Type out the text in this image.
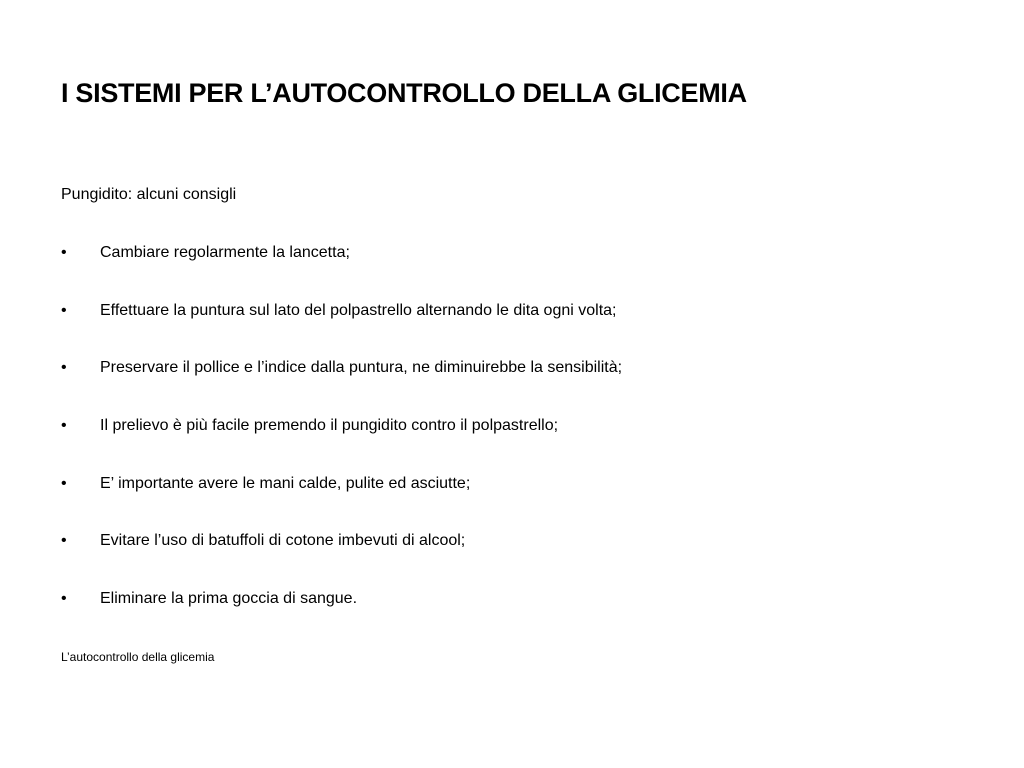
I SISTEMI PER L’AUTOCONTROLLO DELLA GLICEMIA
Pungidito: alcuni consigli
•	Cambiare regolarmente la lancetta;
•	Effettuare la puntura sul lato del polpastrello alternando le dita ogni volta;
•	Preservare il pollice e l’indice dalla puntura, ne diminuirebbe la sensibilità;
•	Il prelievo è più facile premendo il pungidito contro il polpastrello;
•	E’ importante avere le mani calde, pulite ed asciutte;
•	Evitare l’uso di batuffoli di cotone imbevuti di alcool;
•	Eliminare la prima goccia di sangue.
L’autocontrollo della glicemia
